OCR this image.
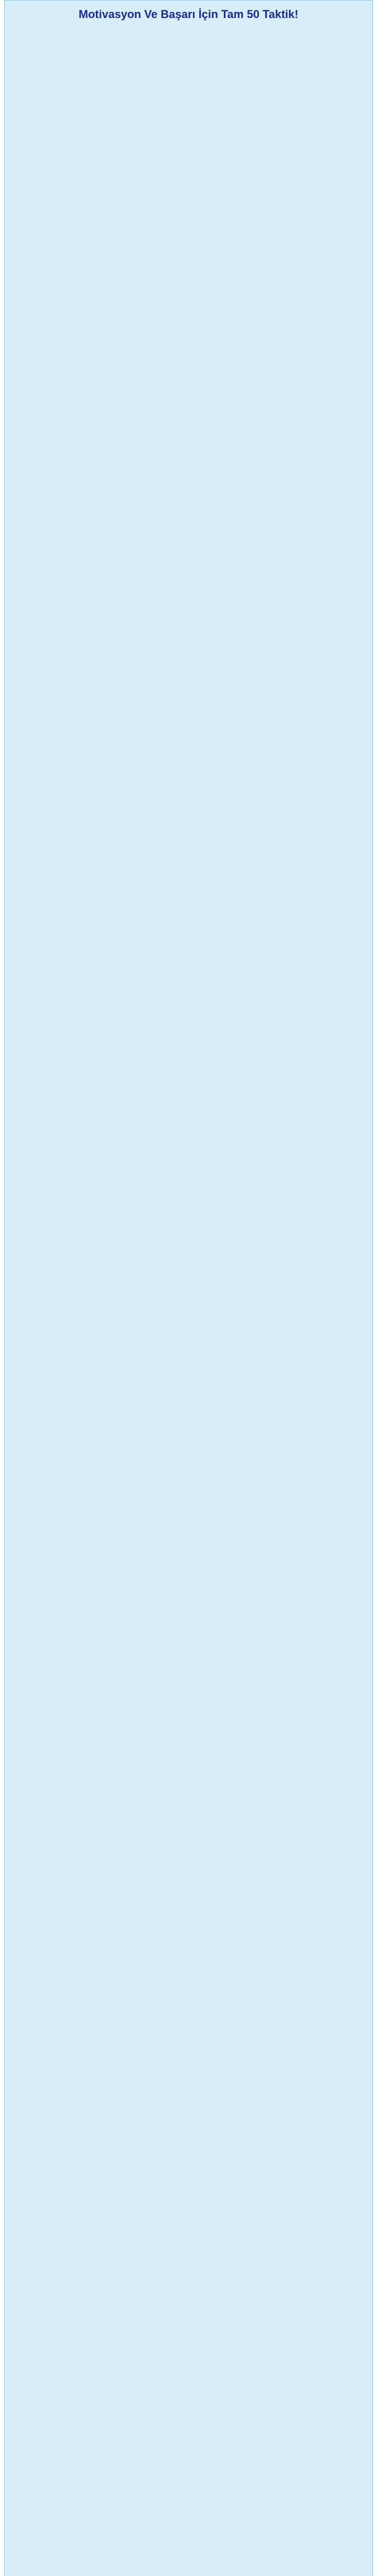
Motivasyon Ve Başarı İçin Tam 50 Taktik!
